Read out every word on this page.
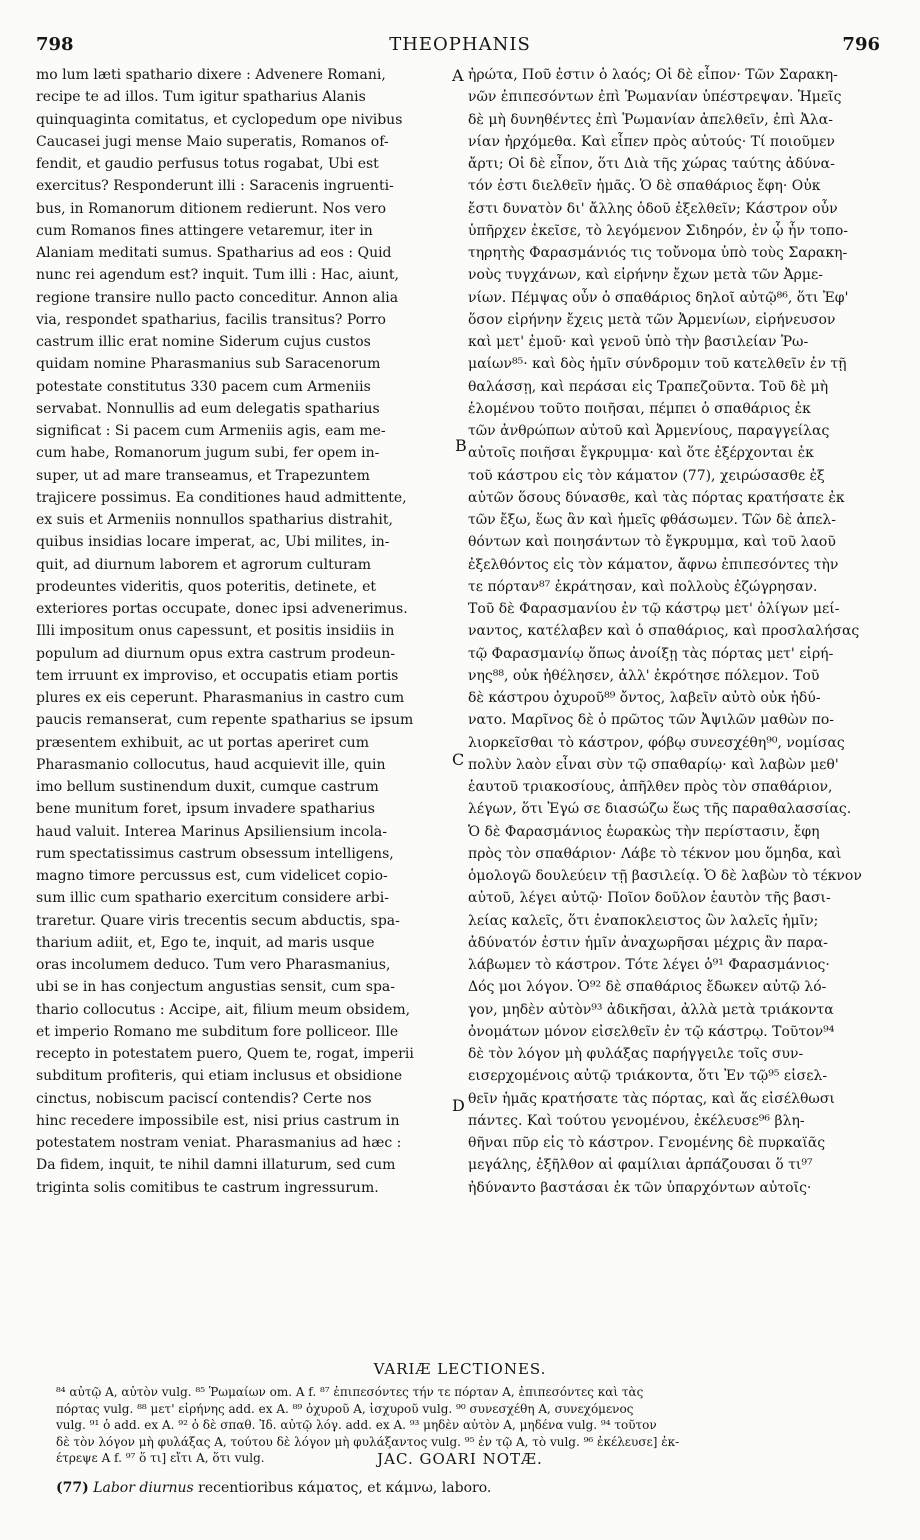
798	THEOPHANIS	796
mo lum læti spathario dixere : Advenere Romani,
recipe te ad illos. Tum igitur spatharius Alanis
quinquaginta comitatus, et cyclopedum ope nivibus
Caucasei jugi mense Maio superatis, Romanos of-
fendit, et gaudio perfusus totus rogabat, Ubi est
exercitus? Responderunt illi : Saracenis ingruenti-
bus, in Romanorum ditionem redierunt. Nos vero
cum Romanos fines attingere vetaremur, iter in
Alaniam meditati sumus. Spatharius ad eos : Quid
nunc rei agendum est? inquit. Tum illi : Hac, aiunt,
regione transire nullo pacto conceditur. Annon alia
via, respondet spatharius, facilis transitus? Porro
castrum illic erat nomine Siderum cujus custos
quidam nomine Pharasmanius sub Saracenorum
potestate constitutus 330 pacem cum Armeniis
servabat. Nonnullis ad eum delegatis spatharius
significat : Si pacem cum Armeniis agis, eam me-
cum habe, Romanorum jugum subi, fer opem in-
super, ut ad mare transeamus, et Trapezuntem
trajicere possimus. Ea conditiones haud admittente,
ex suis et Armeniis nonnullos spatharius distrahit,
quibus insidias locare imperat, ac, Ubi milites, in-
quit, ad diurnum laborem et agrorum culturam
prodeuntes videritis, quos poteritis, detinete, et
exteriores portas occupate, donec ipsi advenerimus.
Illi impositum onus capessunt, et positis insidiis in
populum ad diurnum opus extra castrum prodeun-
tem irruunt ex improviso, et occupatis etiam portis
plures ex eis ceperunt. Pharasmanius in castro cum
paucis remanserat, cum repente spatharius se ipsum
præsentem exhibuit, ac ut portas aperiret cum
Pharasmanio collocutus, haud acquievit ille, quin
imo bellum sustinendum duxit, cumque castrum
bene munitum foret, ipsum invadere spatharius
haud valuit. Interea Marinus Apsiliensium incola-
rum spectatissimus castrum obsessum intelligens,
magno timore percussus est, cum videlicet copio-
sum illic cum spathario exercitum considere arbi-
traretur. Quare viris trecentis secum abductis, spa-
tharium adiit, et, Ego te, inquit, ad maris usque
oras incolumem deduco. Tum vero Pharasmanius,
ubi se in has conjectum angustias sensit, cum spa-
thario collocutus : Accipe, ait, filium meum obsidem,
et imperio Romano me subditum fore polliceor. Ille
recepto in potestatem puero, Quem te, rogat, imperii
subditum profiteris, qui etiam inclusus et obsidione
cinctus, nobiscum paciscí contendis? Certe nos
hinc recedere impossibile est, nisi prius castrum in
potestatem nostram veniat. Pharasmanius ad hæc :
Da fidem, inquit, te nihil damni illaturum, sed cum
triginta solis comitibus te castrum ingressurum.
A
B
C
D
ἠρώτα, Ποῦ ἐστιν ὁ λαός; Οἱ δὲ εἶπον· Τῶν Σαρακη-
νῶν ἐπιπεσόντων ἐπὶ Ῥωμανίαν ὑπέστρεψαν. Ἡμεῖς
δὲ μὴ δυνηθέντες ἐπὶ Ῥωμανίαν ἀπελθεῖν, ἐπὶ Ἀλα-
νίαν ἠρχόμεθα. Καὶ εἶπεν πρὸς αὐτούς· Τί ποιοῦμεν
ἄρτι; Οἱ δὲ εἶπον, ὅτι Διὰ τῆς χώρας ταύτης ἀδύνα-
τόν ἐστι διελθεῖν ἡμᾶς. Ὁ δὲ σπαθάριος ἔφη· Οὐκ
ἔστι δυνατὸν δι' ἄλλης ὁδοῦ ἐξελθεῖν; Κάστρον οὖν
ὑπῆρχεν ἐκεῖσε, τὸ λεγόμενον Σιδηρόν, ἐν ᾧ ἦν τοπο-
τηρητὴς Φαρασμάνιός τις τοὔνομα ὑπὸ τοὺς Σαρακη-
νοὺς τυγχάνων, καὶ εἰρήνην ἔχων μετὰ τῶν Ἀρμε-
νίων. Πέμψας οὖν ὁ σπαθάριος δηλοῖ αὐτῷ⁸⁶, ὅτι Ἐφ'
ὅσον εἰρήνην ἔχεις μετὰ τῶν Ἀρμενίων, εἰρήνευσον
καὶ μετ' ἐμοῦ· καὶ γενοῦ ὑπὸ τὴν βασιλείαν Ῥω-
μαίων⁸⁵· καὶ δὸς ἡμῖν σύνδρομιν τοῦ κατελθεῖν ἐν τῇ
θαλάσσῃ, καὶ περάσαι εἰς Τραπεζοῦντα. Τοῦ δὲ μὴ
ἑλομένου τοῦτο ποιῆσαι, πέμπει ὁ σπαθάριος ἐκ
τῶν ἀνθρώπων αὐτοῦ καὶ Ἀρμενίους, παραγγείλας
αὐτοῖς ποιῆσαι ἔγκρυμμα· καὶ ὅτε ἐξέρχονται ἐκ
τοῦ κάστρου εἰς τὸν κάματον (77), χειρώσασθε ἐξ
αὐτῶν ὅσους δύνασθε, καὶ τὰς πόρτας κρατήσατε ἐκ
τῶν ἔξω, ἕως ἂν καὶ ἡμεῖς φθάσωμεν. Τῶν δὲ ἀπελ-
θόντων καὶ ποιησάντων τὸ ἔγκρυμμα, καὶ τοῦ λαοῦ
ἐξελθόντος εἰς τὸν κάματον, ἄφνω ἐπιπεσόντες τὴν
τε πόρταν⁸⁷ ἐκράτησαν, καὶ πολλοὺς ἐζώγρησαν.
Τοῦ δὲ Φαρασμανίου ἐν τῷ κάστρῳ μετ' ὀλίγων μεί-
ναντος, κατέλαβεν καὶ ὁ σπαθάριος, καὶ προσλαλήσας
τῷ Φαρασμανίῳ ὅπως ἀνοίξῃ τὰς πόρτας μετ' εἰρή-
νης⁸⁸, οὐκ ἠθέλησεν, ἀλλ' ἐκρότησε πόλεμον. Τοῦ
δὲ κάστρου ὀχυροῦ⁸⁹ ὄντος, λαβεῖν αὐτὸ οὐκ ἠδύ-
νατο. Μαρῖνος δὲ ὁ πρῶτος τῶν Ἀψιλῶν μαθὼν πο-
λιορκεῖσθαι τὸ κάστρον, φόβῳ συνεσχέθη⁹⁰, νομίσας
πολὺν λαὸν εἶναι σὺν τῷ σπαθαρίῳ· καὶ λαβὼν μεθ'
ἑαυτοῦ τριακοσίους, ἀπῆλθεν πρὸς τὸν σπαθάριον,
λέγων, ὅτι Ἐγώ σε διασώζω ἕως τῆς παραθαλασσίας.
Ὁ δὲ Φαρασμάνιος ἑωρακὼς τὴν περίστασιν, ἔφη
πρὸς τὸν σπαθάριον· Λάβε τὸ τέκνον μου ὅμηδα, καὶ
ὁμολογῶ δουλεύειν τῇ βασιλείᾳ. Ὁ δὲ λαβὼν τὸ τέκνον
αὐτοῦ, λέγει αὐτῷ· Ποῖον δοῦλον ἑαυτὸν τῆς βασι-
λείας καλεῖς, ὅτι ἐναποκλειστος ὢν λαλεῖς ἡμῖν;
ἀδύνατόν ἐστιν ἡμῖν ἀναχωρῆσαι μέχρις ἂν παρα-
λάβωμεν τὸ κάστρον. Τότε λέγει ὁ⁹¹ Φαρασμάνιος·
Δός μοι λόγον. Ὁ⁹² δὲ σπαθάριος ἔδωκεν αὐτῷ λό-
γον, μηδὲν αὐτὸν⁹³ ἀδικῆσαι, ἀλλὰ μετὰ τριάκοντα
ὀνομάτων μόνον εἰσελθεῖν ἐν τῷ κάστρῳ. Τοῦτον⁹⁴
δὲ τὸν λόγον μὴ φυλάξας παρήγγειλε τοῖς συν-
εισερχομένοις αὐτῷ τριάκοντα, ὅτι Ἐν τῷ⁹⁵ εἰσελ-
θεῖν ἡμᾶς κρατήσατε τὰς πόρτας, καὶ ἅς εἰσέλθωσι
πάντες. Καὶ τούτου γενομένου, ἐκέλευσε⁹⁶ βλη-
θῆναι πῦρ εἰς τὸ κάστρον. Γενομένης δὲ πυρκαϊᾶς
μεγάλης, ἐξῆλθον αἱ φαμίλιαι ἁρπάζουσαι ὅ τι⁹⁷
ἠδύναντο βαστάσαι ἐκ τῶν ὑπαρχόντων αὐτοῖς·
VARIÆ LECTIONES.
⁸⁴ αὐτῷ A, αὐτὸν vulg. ⁸⁵ Ῥωμαίων om. A f. ⁸⁷ ἐπιπεσόντες τήν τε πόρταν A, ἐπιπεσόντες καὶ τὰς
πόρτας vulg. ⁸⁸ μετ' εἰρήνης add. ex A. ⁸⁹ ὀχυροῦ A, ἰσχυροῦ vulg. ⁹⁰ συνεσχέθη A, συνεχόμενος
vulg. ⁹¹ ὁ add. ex A. ⁹² ὁ δὲ σπαθ. Ἰδ. αὐτῷ λόγ. add. ex A. ⁹³ μηδὲν αὐτὸν A, μηδένα vulg. ⁹⁴ τοῦτον
δὲ τὸν λόγον μὴ φυλάξας A, τούτου δὲ λόγον μὴ φυλάξαντος vulg. ⁹⁵ ἐν τῷ A, τὸ vulg. ⁹⁶ ἐκέλευσε] ἐκ-
έτρεψε A f. ⁹⁷ ὅ τι] εἴτι A, ὅτι vulg.	JAC. GOARI NOTÆ.
(77) Labor diurnus recentioribus κάματος, et κάμνω, laboro.
